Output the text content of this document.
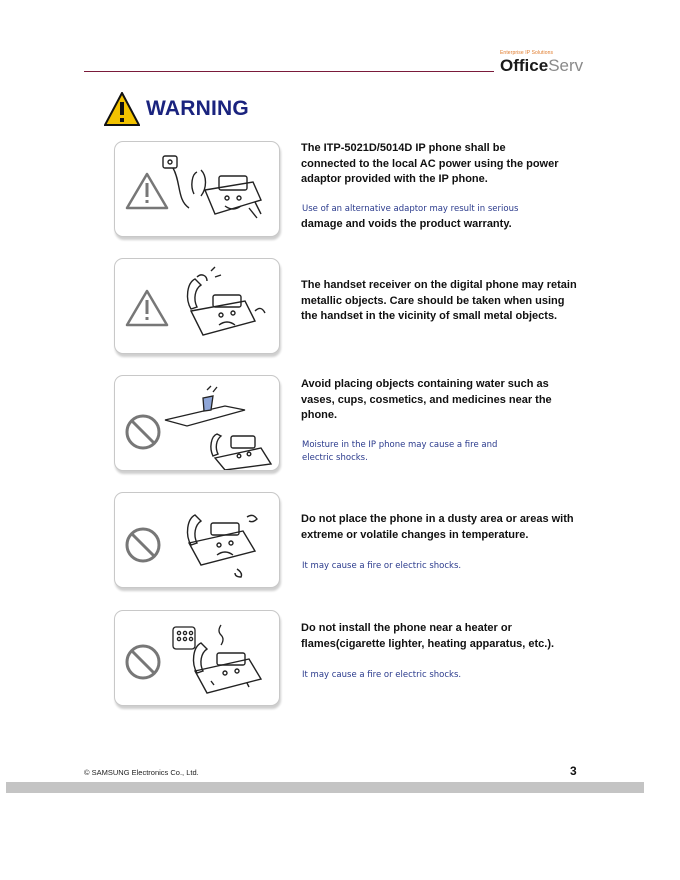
Enterprise IP Solutions
OfficeServ
WARNING
The ITP-5021D/5014D IP phone shall be connected to the local AC power using the power adaptor provided with the IP phone.
Use of an alternative adaptor may result in serious
damage and voids the product warranty.
The handset receiver on the digital phone may retain metallic objects. Care should be taken when using the handset in the vicinity of small metal objects.
Avoid placing objects containing water such as vases, cups, cosmetics, and medicines near the phone.
Moisture in the IP phone may cause a fire and electric shocks.
Do not place the phone in a dusty area or areas with extreme or volatile changes in temperature.
It may cause a fire or electric shocks.
Do not install the phone near a heater or flames(cigarette lighter, heating apparatus, etc.).
It may cause a fire or electric shocks.
© SAMSUNG Electronics Co., Ltd.	3
